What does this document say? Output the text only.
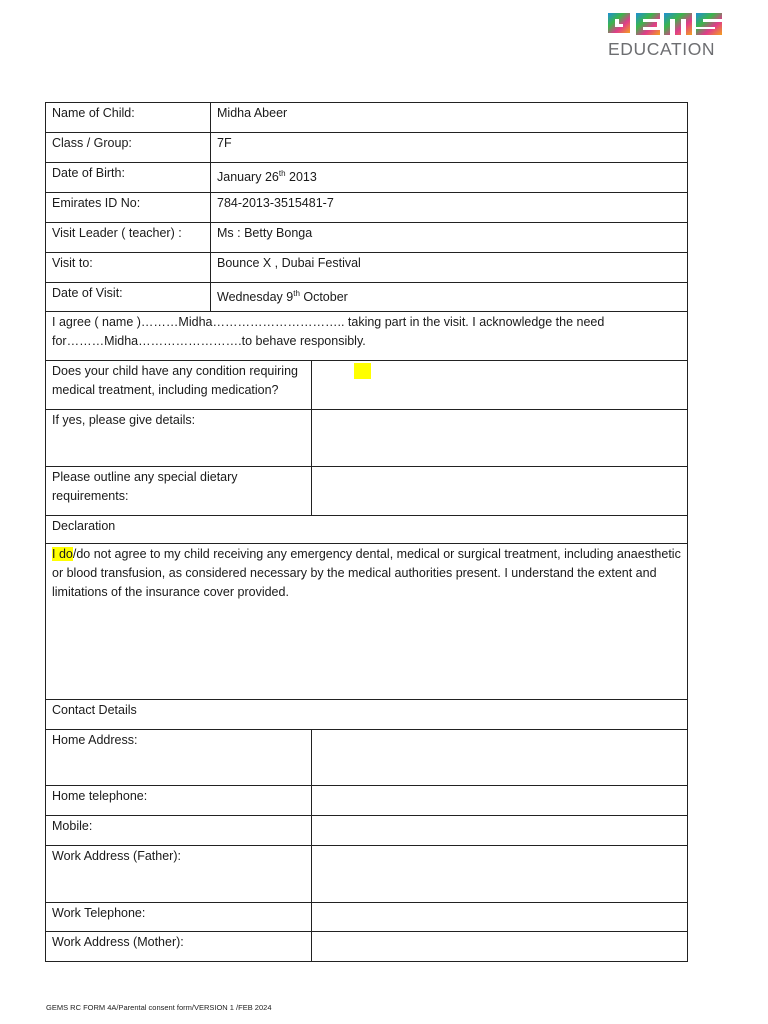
EDUCATION
Name of Child:	Midha Abeer	
Class / Group:	7F	
Date of Birth:	January 26th 2013	
Emirates ID No:	784-2013-3515481-7	
Visit Leader ( teacher) :	Ms : Betty Bonga	
Visit to:	Bounce X , Dubai Festival	
Date of Visit:	Wednesday 9th October	

I agree ( name )………Midha………………………….. taking part in the visit. I acknowledge the need
for………Midha…………………….to behave responsibly.		

Does your child have any condition requiring medical treatment, including medication?		
If yes, please give details:		
Please outline any special dietary requirements:		
Declaration		
I do/do not agree to my child receiving any emergency dental, medical or surgical treatment, including anaesthetic or blood transfusion, as considered necessary by the medical authorities present. I understand the extent and limitations of the insurance cover provided.		
Contact Details		
Home Address:		
Home telephone:		
Mobile:		
Work Address (Father):		
Work Telephone:		
Work Address (Mother):		
GEMS RC FORM 4A/Parental consent form/VERSION 1 /FEB 2024
